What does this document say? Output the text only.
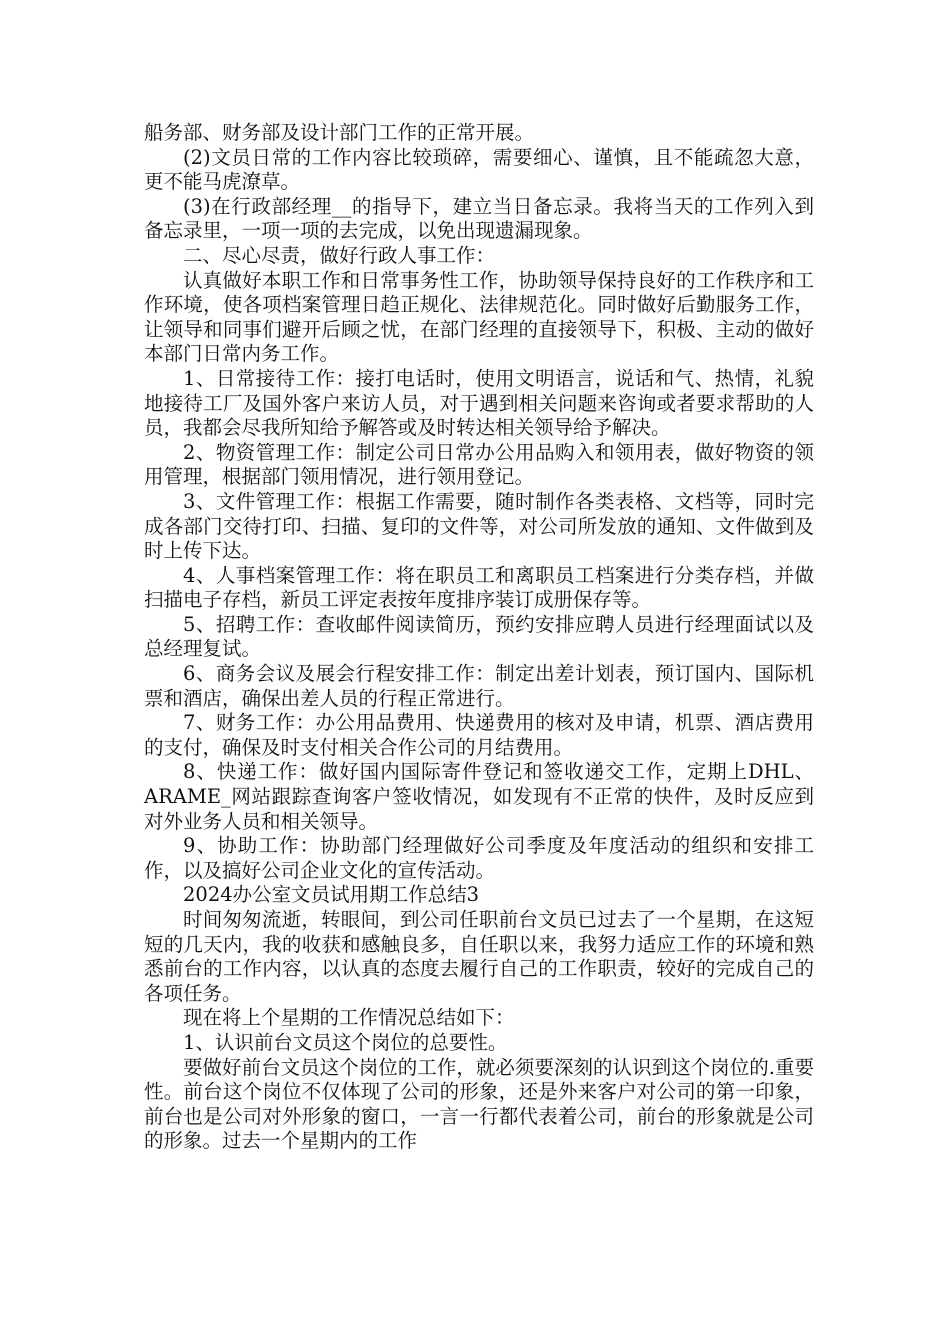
船务部、财务部及设计部门工作的正常开展。

(2)文员日常的工作内容比较琐碎，需要细心、谨慎，且不能疏忽大意，更不能马虎潦草。

(3)在行政部经理__的指导下，建立当日备忘录。我将当天的工作列入到备忘录里，一项一项的去完成，以免出现遗漏现象。

二、尽心尽责，做好行政人事工作：

认真做好本职工作和日常事务性工作，协助领导保持良好的工作秩序和工作环境，使各项档案管理日趋正规化、法律规范化。同时做好后勤服务工作，让领导和同事们避开后顾之忧，在部门经理的直接领导下，积极、主动的做好本部门日常内务工作。

1、日常接待工作：接打电话时，使用文明语言，说话和气、热情，礼貌地接待工厂及国外客户来访人员，对于遇到相关问题来咨询或者要求帮助的人员，我都会尽我所知给予解答或及时转达相关领导给予解决。

2、物资管理工作：制定公司日常办公用品购入和领用表，做好物资的领用管理，根据部门领用情况，进行领用登记。

3、文件管理工作：根据工作需要，随时制作各类表格、文档等，同时完成各部门交待打印、扫描、复印的文件等，对公司所发放的通知、文件做到及时上传下达。

4、人事档案管理工作：将在职员工和离职员工档案进行分类存档，并做扫描电子存档，新员工评定表按年度排序装订成册保存等。

5、招聘工作：查收邮件阅读简历，预约安排应聘人员进行经理面试以及总经理复试。

6、商务会议及展会行程安排工作：制定出差计划表，预订国内、国际机票和酒店，确保出差人员的行程正常进行。

7、财务工作：办公用品费用、快递费用的核对及申请，机票、酒店费用的支付，确保及时支付相关合作公司的月结费用。

8、快递工作：做好国内国际寄件登记和签收递交工作，定期上DHL、ARAME_网站跟踪查询客户签收情况，如发现有不正常的快件，及时反应到对外业务人员和相关领导。

9、协助工作：协助部门经理做好公司季度及年度活动的组织和安排工作，以及搞好公司企业文化的宣传活动。

2024办公室文员试用期工作总结3

时间匆匆流逝，转眼间，到公司任职前台文员已过去了一个星期，在这短短的几天内，我的收获和感触良多，自任职以来，我努力适应工作的环境和熟悉前台的工作内容，以认真的态度去履行自己的工作职责，较好的完成自己的各项任务。

现在将上个星期的工作情况总结如下：

1、认识前台文员这个岗位的总要性。

要做好前台文员这个岗位的工作，就必须要深刻的认识到这个岗位的.重要性。前台这个岗位不仅体现了公司的形象，还是外来客户对公司的第一印象，前台也是公司对外形象的窗口，一言一行都代表着公司，前台的形象就是公司的形象。过去一个星期内的工作
